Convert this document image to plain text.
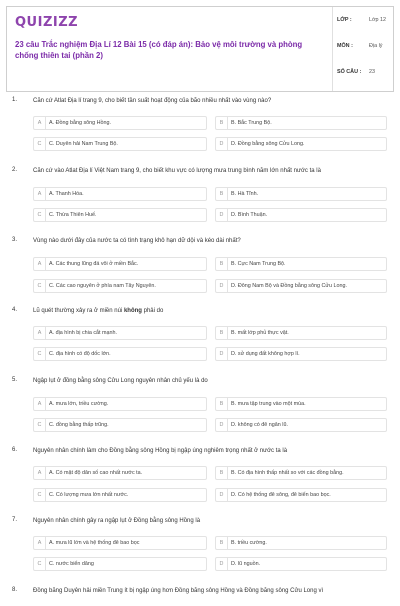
QUIZIZZ
23 câu Trắc nghiệm Địa Lí 12 Bài 15 (có đáp án): Bảo vệ môi trường và phòng chống thiên tai (phần 2)
LỚP :	Lớp 12
MÔN :	Địa lý
SỐ CÂU : 23
1.	Căn cứ Atlat Địa lí trang 9, cho biết tần suất hoạt động của bão nhiều nhất vào vùng nào?
A	A. Đồng bằng sông Hồng.	B	B. Bắc Trung Bộ.
C	C. Duyên hải Nam Trung Bộ.	D	D. Đồng bằng sông Cửu Long.
2.	Căn cứ vào Atlat Địa lí Việt Nam trang 9, cho biết khu vực có lượng mưa trung bình năm lớn nhất nước ta là
A	A. Thanh Hóa.	B	B. Hà Tĩnh.
C	C. Thừa Thiên Huế.	D	D. Bình Thuận.
3.	Vùng nào dưới đây của nước ta có tình trạng khô hạn dữ dội và kéo dài nhất?
A	A. Các thung lũng đá vôi ở miền Bắc.	B	B. Cực Nam Trung Bộ.
C	C. Các cao nguyên ở phía nam Tây Nguyên.	D	D. Đông Nam Bộ và Đồng bằng sông Cửu Long.
4.	Lũ quét thường xảy ra ở miền núi không phải do
A	A. địa hình bị chia cắt mạnh.	B	B. mất lớp phủ thực vật.
C	C. địa hình có độ dốc lớn.	D	D. sử dụng đất không hợp lí.
5.	Ngập lụt ở đồng bằng sông Cửu Long nguyên nhân chủ yếu là do
A	A. mưa lớn, triều cường.	B	B. mưa tập trung vào một mùa.
C	C. đồng bằng thấp trũng.	D	D. không có đê ngăn lũ.
6.	Nguyên nhân chính làm cho Đồng bằng sông Hồng bị ngập úng nghiêm trọng nhất ở nước ta là
A	A. Có mật độ dân số cao nhất nước ta.	B	B. Có địa hình thấp nhất so với các đồng bằng.
C	C. Có lượng mưa lớn nhất nước.	D	D. Có hệ thống đê sông, đê biển bao bọc.
7.	Nguyên nhân chính gây ra ngập lụt ở Đồng bằng sông Hồng là
A	A. mưa lũ lớn và hệ thống đê bao bọc	B	B. triều cường.
C	C. nước biển dâng	D	D. lũ nguồn.
8.	Đồng bằng Duyên hải miền Trung ít bị ngập úng hơn Đồng bằng sông Hồng và Đồng bằng sông Cửu Long vì
